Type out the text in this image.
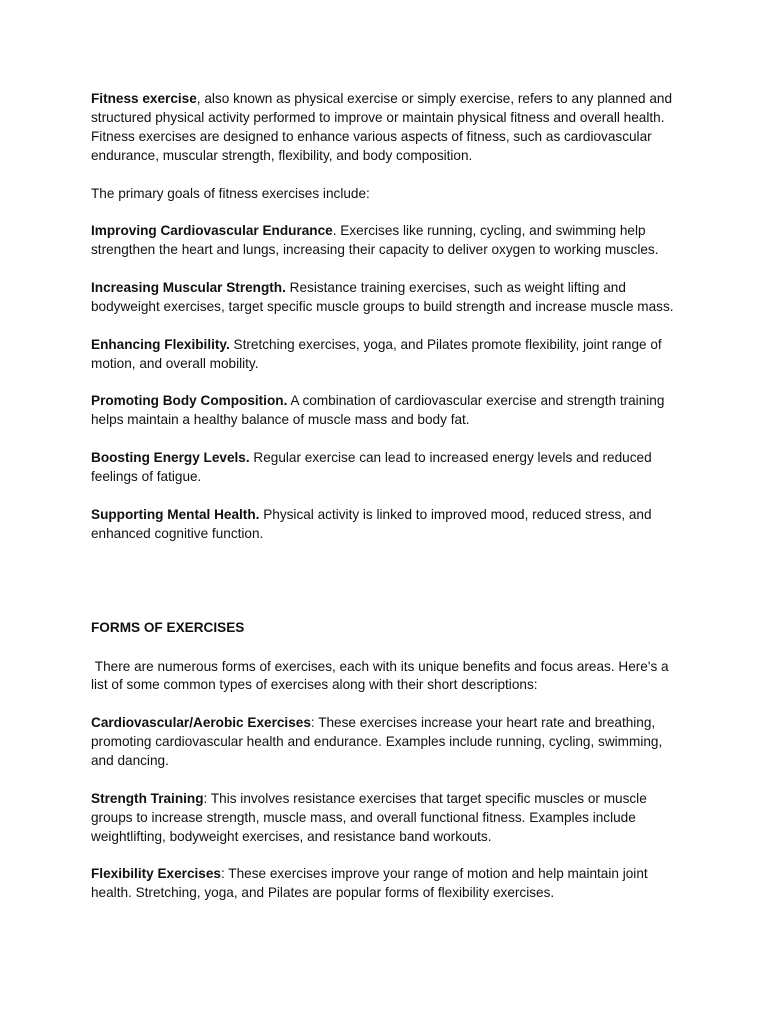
Fitness exercise, also known as physical exercise or simply exercise, refers to any planned and structured physical activity performed to improve or maintain physical fitness and overall health. Fitness exercises are designed to enhance various aspects of fitness, such as cardiovascular endurance, muscular strength, flexibility, and body composition.

The primary goals of fitness exercises include:

Improving Cardiovascular Endurance. Exercises like running, cycling, and swimming help strengthen the heart and lungs, increasing their capacity to deliver oxygen to working muscles.

Increasing Muscular Strength. Resistance training exercises, such as weight lifting and bodyweight exercises, target specific muscle groups to build strength and increase muscle mass.

Enhancing Flexibility. Stretching exercises, yoga, and Pilates promote flexibility, joint range of motion, and overall mobility.

Promoting Body Composition. A combination of cardiovascular exercise and strength training helps maintain a healthy balance of muscle mass and body fat.

Boosting Energy Levels. Regular exercise can lead to increased energy levels and reduced feelings of fatigue.

Supporting Mental Health. Physical activity is linked to improved mood, reduced stress, and enhanced cognitive function.

FORMS OF EXERCISES

There are numerous forms of exercises, each with its unique benefits and focus areas. Here's a list of some common types of exercises along with their short descriptions:

Cardiovascular/Aerobic Exercises: These exercises increase your heart rate and breathing, promoting cardiovascular health and endurance. Examples include running, cycling, swimming, and dancing.

Strength Training: This involves resistance exercises that target specific muscles or muscle groups to increase strength, muscle mass, and overall functional fitness. Examples include weightlifting, bodyweight exercises, and resistance band workouts.

Flexibility Exercises: These exercises improve your range of motion and help maintain joint health. Stretching, yoga, and Pilates are popular forms of flexibility exercises.
